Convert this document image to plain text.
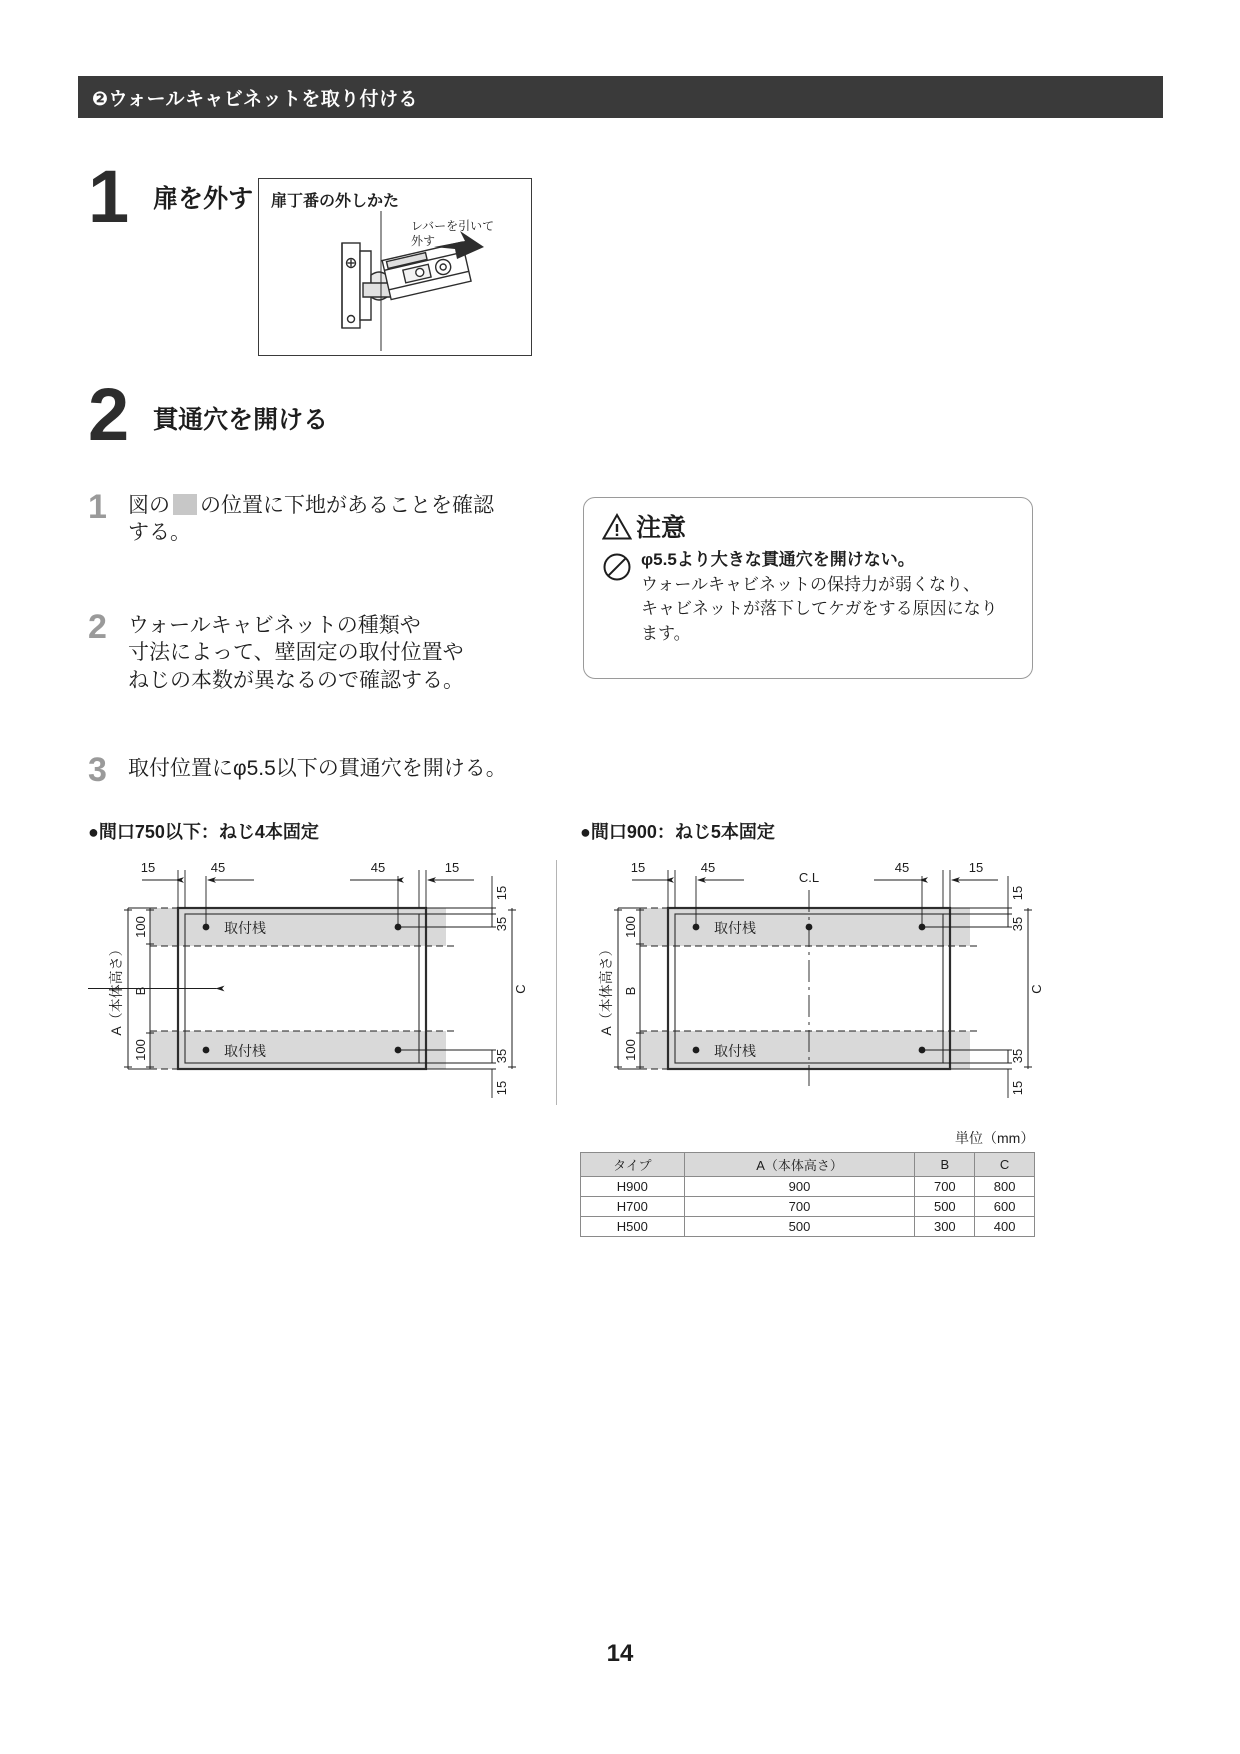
❷ウォールキャビネットを取り付ける
1 扉を外す 扉丁番の外しかた
レバーを引いて
外す
2 貫通穴を開ける
1	図の の位置に下地があることを確認
する。
2	ウォールキャビネットの種類や
寸法によって、壁固定の取付位置や
ねじの本数が異なるので確認する。
3	取付位置にφ5.5以下の貫通穴を開ける。
注意
φ5.5より大きな貫通穴を開けない。
ウォールキャビネットの保持力が弱くなり、
キャビネットが落下してケガをする原因になり
ます。
●間口750以下：ねじ4本固定	●間口900：ねじ5本固定
取付桟
取付桟
15	45	45	15
100
100
B
A（本体高さ）
15
35
15
35
C
C.L
取付桟
取付桟
15	45	45	15
100
100
B
A（本体高さ）
15
35
15
35
C
単位（mm）
タイプ	A（本体高さ）	B	C
H900	900	700	800
H700	700	500	600
H500	500	300	400
14
